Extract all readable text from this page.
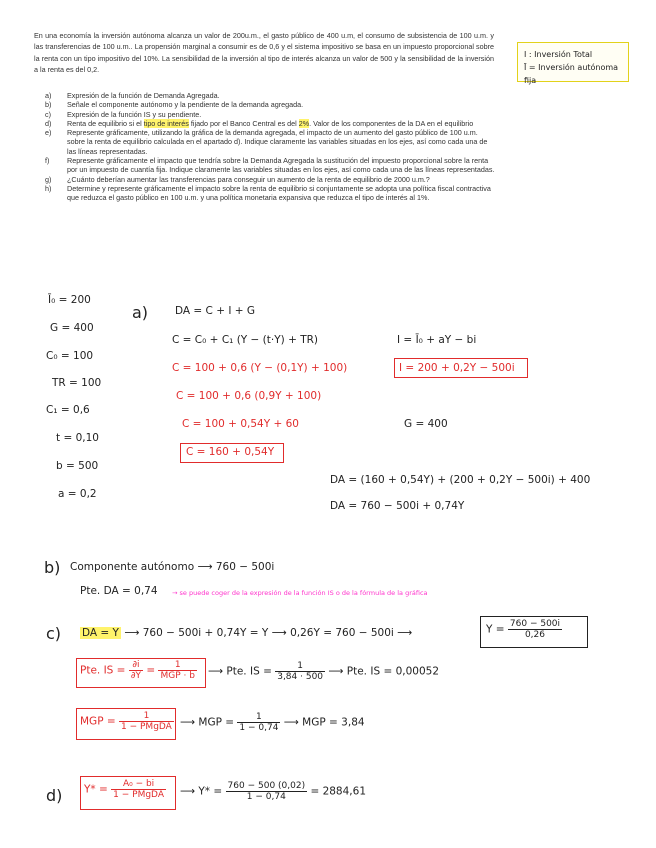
En una economía la inversión autónoma alcanza un valor de 200u.m., el gasto público de 400 u.m, el consumo de subsistencia de 100 u.m. y las transferencias de 100 u.m.. La propensión marginal a consumir es de 0,6 y el sistema impositivo se basa en un impuesto proporcional sobre la renta con un tipo impositivo del 10%. La sensibilidad de la inversión al tipo de interés alcanza un valor de 500 y la sensibilidad de la inversión a la renta es del 0,2.
I : Inversión Total
Ī = Inversión autónoma fija
a) Expresión de la función de Demanda Agregada.
b) Señale el componente autónomo y la pendiente de la demanda agregada.
c) Expresión de la función IS y su pendiente.
d) Renta de equilibrio si el tipo de interés fijado por el Banco Central es del 2%. Valor de los componentes de la DA en el equilibrio
e) Represente gráficamente, utilizando la gráfica de la demanda agregada, el impacto de un aumento del gasto público de 100 u.m. sobre la renta de equilibrio calculada en el apartado d). Indique claramente las variables situadas en los ejes, así como cada una de las líneas representadas.
f) Represente gráficamente el impacto que tendría sobre la Demanda Agregada la sustitución del impuesto proporcional sobre la renta por un impuesto de cuantía fija. Indique claramente las variables situadas en los ejes, así como cada una de las líneas representadas.
g) ¿Cuánto deberían aumentar las transferencias para conseguir un aumento de la renta de equilibrio de 2000 u.m.?
h) Determine y represente gráficamente el impacto sobre la renta de equilibrio si conjuntamente se adopta una política fiscal contractiva que reduzca el gasto público en 100 u.m. y una política monetaria expansiva que reduzca el tipo de interés al 1%.
Ī₀ = 200
G = 400
C₀ = 100
TR = 100
C₁ = 0,6
t = 0,10
b = 500
a = 0,2
a)	DA = C + I + G
C = C₀ + C₁ (Y − (t·Y) + TR)
C = 100 + 0,6 (Y − (0,1Y) + 100)
C = 100 + 0,6 (0,9Y + 100)
C = 100 + 0,54Y + 60
C = 160 + 0,54Y
I = Ī₀ + aY − bi
I = 200 + 0,2Y − 500i
G = 400
DA = (160 + 0,54Y) + (200 + 0,2Y − 500i) + 400
DA = 760 − 500i + 0,74Y
b) Componente autónomo ⟶ 760 − 500i
Pte. DA = 0,74 → se puede coger de la expresión de la función IS o de la fórmula de la gráfica
c) DA = Y ⟶ 760 − 500i + 0,74Y = Y ⟶ 0,26Y = 760 − 500i ⟶	$Y = \frac{760 - 500i}{0,26}$
Pte. IS = $\frac{\partial i}{\partial Y} = \frac{1}{\text{MGP · b}}$ ⟶ Pte. IS = $\frac{1}{3,84 \cdot 500}$ ⟶ Pte. IS = 0,00052
MGP = $\frac{1}{\text{1 − PMgDA}}$ ⟶ MGP = $\frac{1}{1 - 0,74}$ ⟶ MGP = 3,84
d) $Y* = \frac{\text{A₀ − bi}}{\text{1 − PMgDA}}$ ⟶ $Y* = \frac{760 - 500 (0,02)}{1 - 0,74} = 2884,61$
